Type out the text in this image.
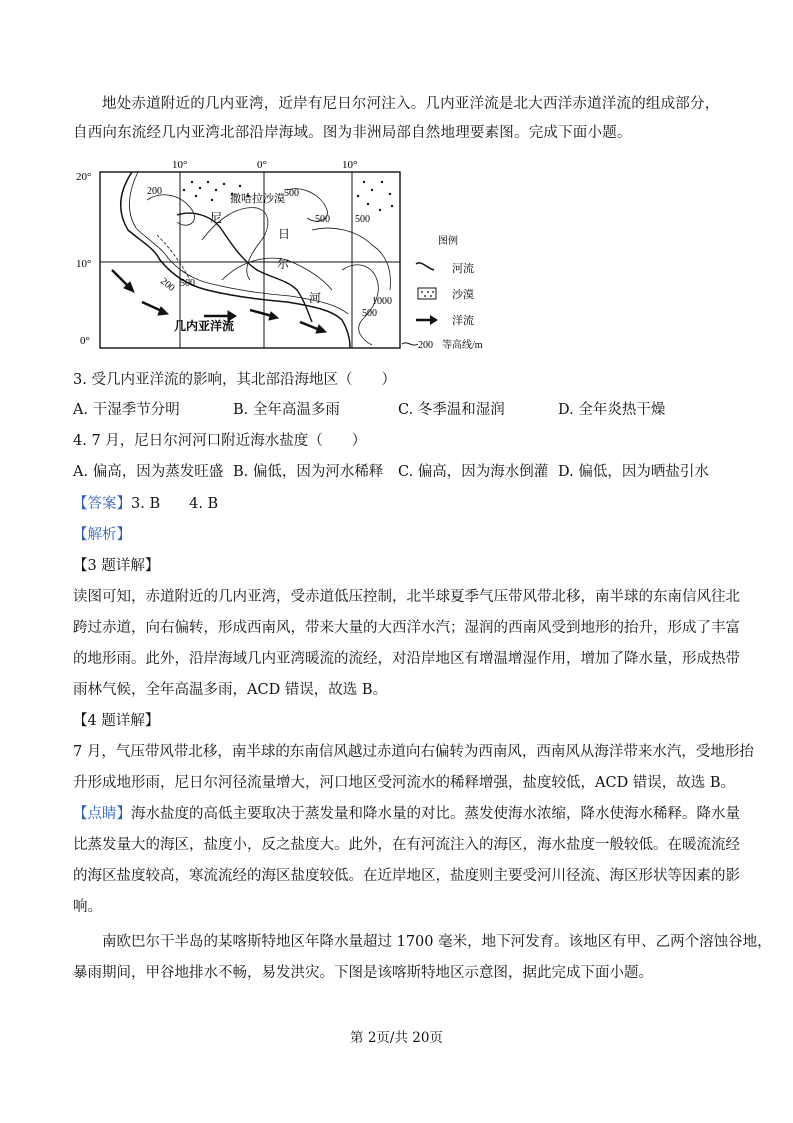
地处赤道附近的几内亚湾，近岸有尼日尔河注入。几内亚洋流是北大西洋赤道洋流的组成部分，自西向东流经几内亚湾北部沿岸海域。图为非洲局部自然地理要素图。完成下面小题。

10°	0°	10°
20°
10°
0°
200	500
500	500
200 500
1000
500
撒哈拉沙漠
尼
日
尔
河
几内亚洋流
图例
河流
沙漠
洋流
200 等高线/m
3. 受几内亚洋流的影响，其北部沿海地区（　　）
A. 干湿季节分明	B. 全年高温多雨	C. 冬季温和湿润	D. 全年炎热干燥
4. 7 月，尼日尔河河口附近海水盐度（　　）
A. 偏高，因为蒸发旺盛 B. 偏低，因为河水稀释 C. 偏高，因为海水倒灌 D. 偏低，因为晒盐引水
【答案】3. B　　4. B
【解析】
【3 题详解】
读图可知，赤道附近的几内亚湾，受赤道低压控制，北半球夏季气压带风带北移，南半球的东南信风往北
跨过赤道，向右偏转，形成西南风，带来大量的大西洋水汽；湿润的西南风受到地形的抬升，形成了丰富
的地形雨。此外，沿岸海域几内亚湾暖流的流经，对沿岸地区有增温增湿作用，增加了降水量，形成热带
雨林气候，全年高温多雨，ACD 错误，故选 B。
【4 题详解】
7 月，气压带风带北移，南半球的东南信风越过赤道向右偏转为西南风，西南风从海洋带来水汽，受地形抬
升形成地形雨，尼日尔河径流量增大，河口地区受河流水的稀释增强，盐度较低，ACD 错误，故选 B。
【点睛】海水盐度的高低主要取决于蒸发量和降水量的对比。蒸发使海水浓缩，降水使海水稀释。降水量
比蒸发量大的海区，盐度小，反之盐度大。此外，在有河流注入的海区，海水盐度一般较低。在暖流流经
的海区盐度较高，寒流流经的海区盐度较低。在近岸地区，盐度则主要受河川径流、海区形状等因素的影
响。
南欧巴尔干半岛的某喀斯特地区年降水量超过 1700 毫米，地下河发育。该地区有甲、乙两个溶蚀谷地，
暴雨期间，甲谷地排水不畅，易发洪灾。下图是该喀斯特地区示意图，据此完成下面小题。
第 2页/共 20页
